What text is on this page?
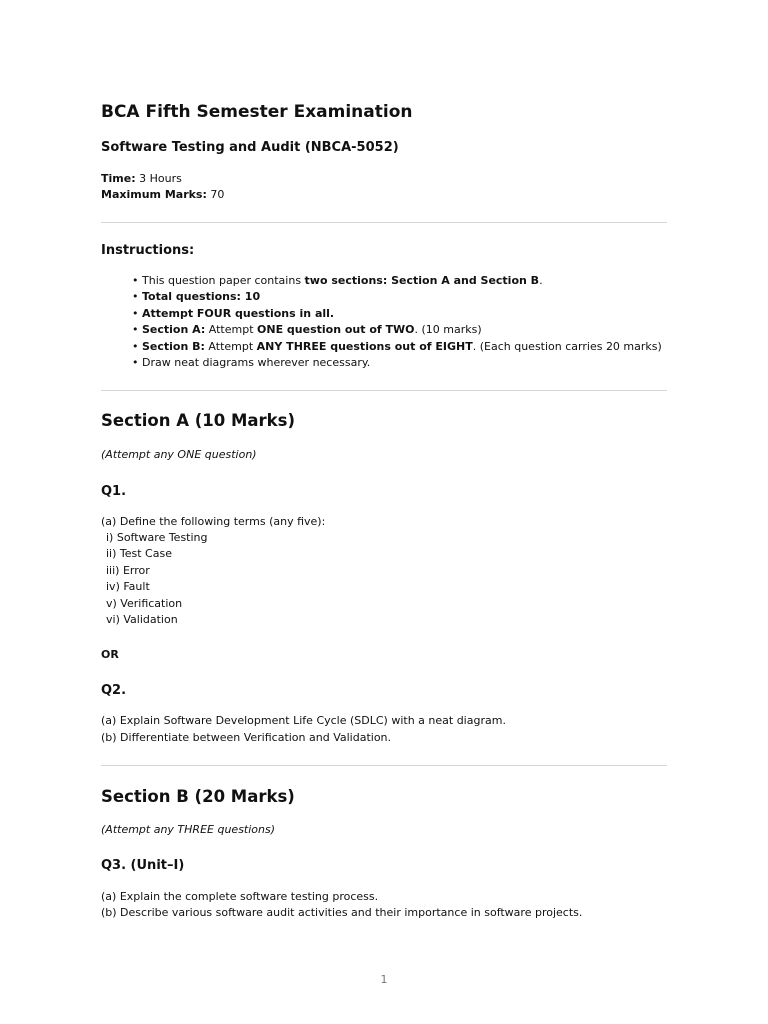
BCA Fifth Semester Examination
Software Testing and Audit (NBCA-5052)
Time: 3 Hours
Maximum Marks: 70
Instructions:
• This question paper contains two sections: Section A and Section B.
• Total questions: 10
• Attempt FOUR questions in all.
• Section A: Attempt ONE question out of TWO. (10 marks)
• Section B: Attempt ANY THREE questions out of EIGHT. (Each question carries 20 marks)
• Draw neat diagrams wherever necessary.
Section A (10 Marks)
(Attempt any ONE question)
Q1.
(a) Define the following terms (any five):
i) Software Testing
ii) Test Case
iii) Error
iv) Fault
v) Verification
vi) Validation
OR
Q2.
(a) Explain Software Development Life Cycle (SDLC) with a neat diagram.
(b) Differentiate between Verification and Validation.
Section B (20 Marks)
(Attempt any THREE questions)
Q3. (Unit–I)
(a) Explain the complete software testing process.
(b) Describe various software audit activities and their importance in software projects.
1
